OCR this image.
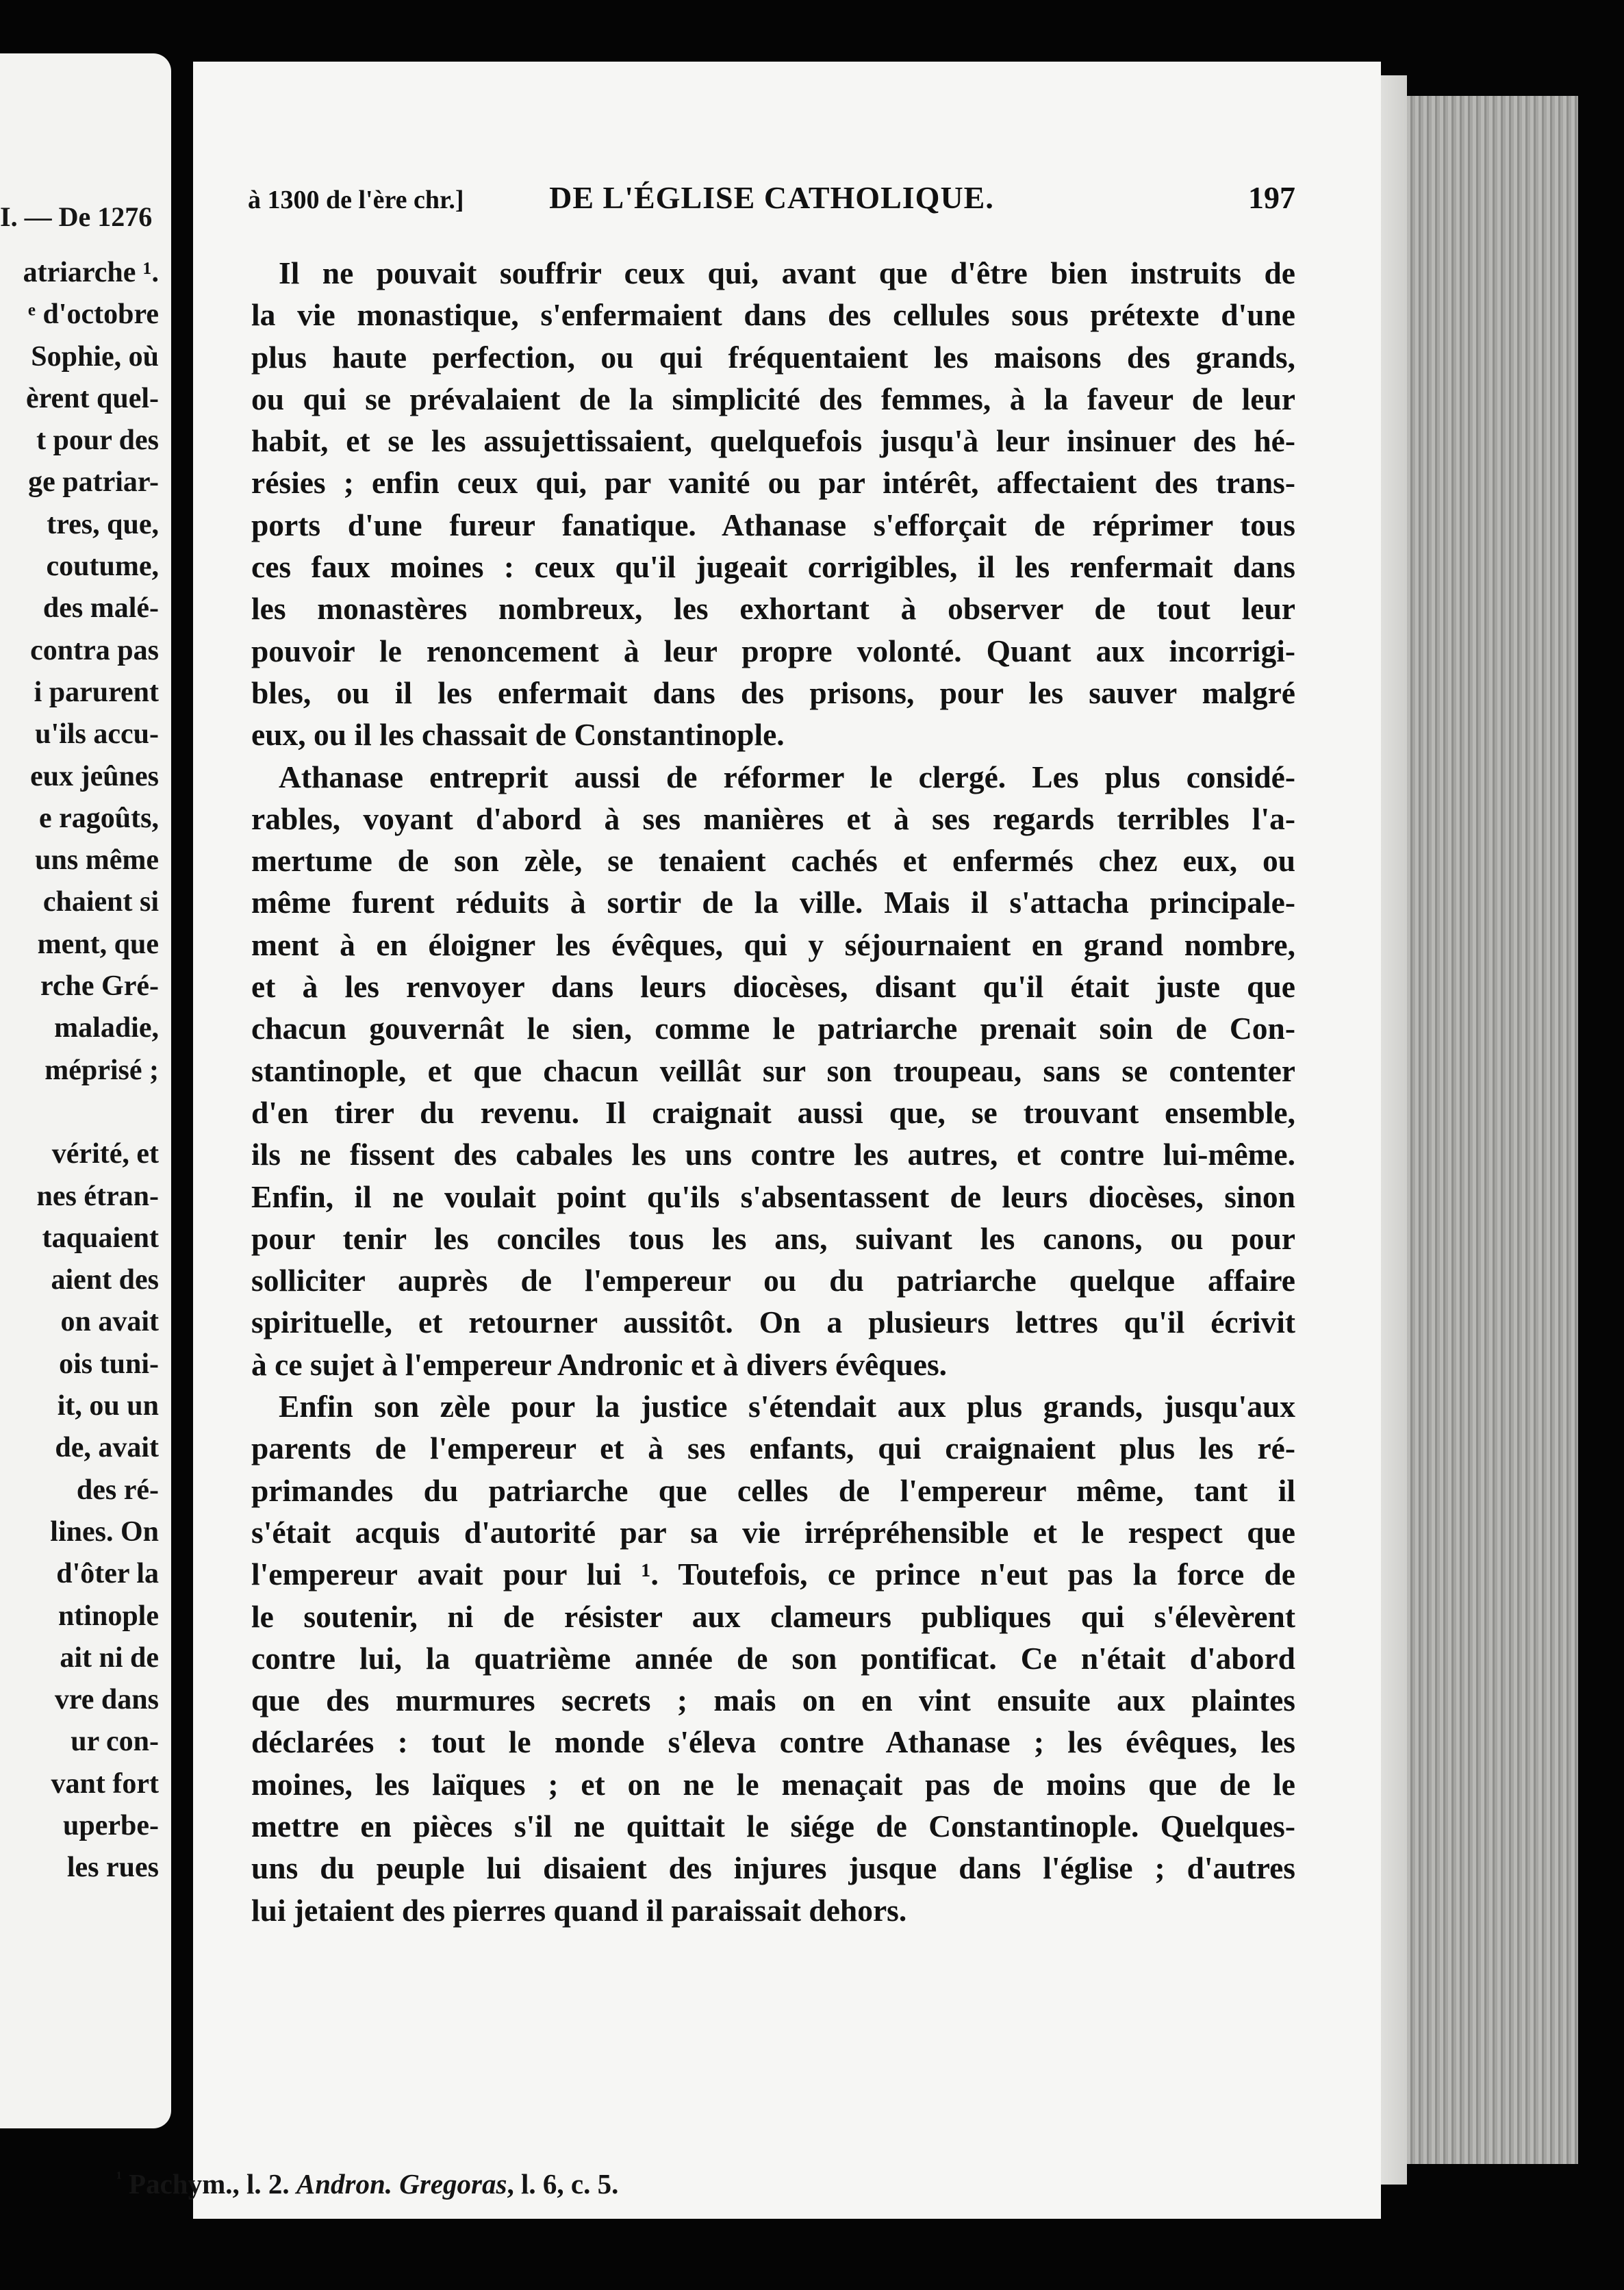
I. — De 1276
atriarche ¹.
ᵉ d'octobre
Sophie, où
èrent quel-
t pour des
ge patriar-
tres, que,
coutume,
des malé-
contra pas
i parurent
u'ils accu-
eux jeûnes
e ragoûts,
uns même
chaient si
ment, que
rche Gré-
maladie,
méprisé ;
vérité, et
nes étran-
taquaient
aient des
on avait
ois tuni-
it, ou un
de, avait
des ré-
lines. On
d'ôter la
ntinople
ait ni de
vre dans
ur con-
vant fort
uperbe-
les rues
à 1300 de l'ère chr.]	DE L'ÉGLISE CATHOLIQUE.	197
Il ne pouvait souffrir ceux qui, avant que d'être bien instruits de
la vie monastique, s'enfermaient dans des cellules sous prétexte d'une
plus haute perfection, ou qui fréquentaient les maisons des grands,
ou qui se prévalaient de la simplicité des femmes, à la faveur de leur
habit, et se les assujettissaient, quelquefois jusqu'à leur insinuer des hé-
résies ; enfin ceux qui, par vanité ou par intérêt, affectaient des trans-
ports d'une fureur fanatique. Athanase s'efforçait de réprimer tous
ces faux moines : ceux qu'il jugeait corrigibles, il les renfermait dans
les monastères nombreux, les exhortant à observer de tout leur
pouvoir le renoncement à leur propre volonté. Quant aux incorrigi-
bles, ou il les enfermait dans des prisons, pour les sauver malgré
eux, ou il les chassait de Constantinople.
Athanase entreprit aussi de réformer le clergé. Les plus considé-
rables, voyant d'abord à ses manières et à ses regards terribles l'a-
mertume de son zèle, se tenaient cachés et enfermés chez eux, ou
même furent réduits à sortir de la ville. Mais il s'attacha principale-
ment à en éloigner les évêques, qui y séjournaient en grand nombre,
et à les renvoyer dans leurs diocèses, disant qu'il était juste que
chacun gouvernât le sien, comme le patriarche prenait soin de Con-
stantinople, et que chacun veillât sur son troupeau, sans se contenter
d'en tirer du revenu. Il craignait aussi que, se trouvant ensemble,
ils ne fissent des cabales les uns contre les autres, et contre lui-même.
Enfin, il ne voulait point qu'ils s'absentassent de leurs diocèses, sinon
pour tenir les conciles tous les ans, suivant les canons, ou pour
solliciter auprès de l'empereur ou du patriarche quelque affaire
spirituelle, et retourner aussitôt. On a plusieurs lettres qu'il écrivit
à ce sujet à l'empereur Andronic et à divers évêques.
Enfin son zèle pour la justice s'étendait aux plus grands, jusqu'aux
parents de l'empereur et à ses enfants, qui craignaient plus les ré-
primandes du patriarche que celles de l'empereur même, tant il
s'était acquis d'autorité par sa vie irrépréhensible et le respect que
l'empereur avait pour lui ¹. Toutefois, ce prince n'eut pas la force de
le soutenir, ni de résister aux clameurs publiques qui s'élevèrent
contre lui, la quatrième année de son pontificat. Ce n'était d'abord
que des murmures secrets ; mais on en vint ensuite aux plaintes
déclarées : tout le monde s'éleva contre Athanase ; les évêques, les
moines, les laïques ; et on ne le menaçait pas de moins que de le
mettre en pièces s'il ne quittait le siége de Constantinople. Quelques-
uns du peuple lui disaient des injures jusque dans l'église ; d'autres
lui jetaient des pierres quand il paraissait dehors.
$^{^1}$ Pachym., l. 2. Andron. Gregoras, l. 6, c. 5.
